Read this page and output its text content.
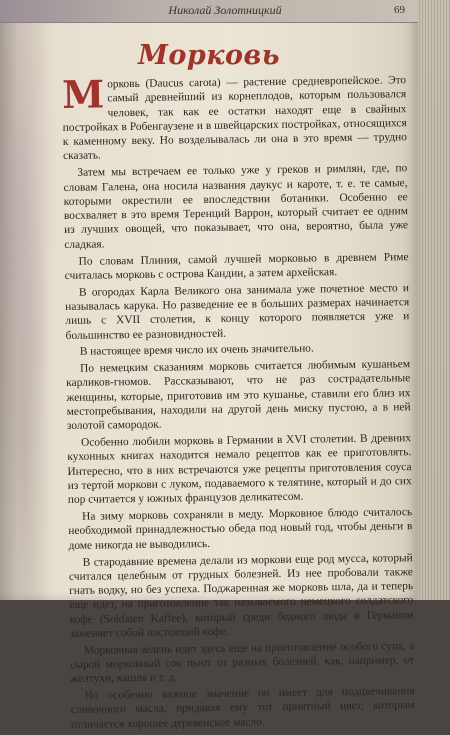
Николай Золотницкий	69
Морковь

Морковь (Daucus carota) — растение средневропейское. Это самый древнейший из корнеплодов, которым пользовался человек, так как ее остатки находят еще в свайных постройках в Робенгаузене и в швейцарских постройках, относящихся к каменному веку. Но возделывалась ли она в это время — трудно сказать.

Затем мы встречаем ее только уже у греков и римлян, где, по словам Галена, она носила названия даукус и кароте, т. е. те самые, которыми окрестили ее впоследствии ботаники. Особенно ее восхваляет в это время Теренций Варрон, который считает ее одним из лучших овощей, что показывает, что она, вероятно, была уже сладкая.

По словам Плиния, самой лучшей морковью в древнем Риме считалась морковь с острова Кандии, а затем архейская.

В огородах Карла Великого она занимала уже почетное место и называлась карука. Но разведение ее в больших размерах начинается лишь с XVII столетия, к концу которого появляется уже и большинство ее разновидностей.

В настоящее время число их очень значительно.

По немецким сказаниям морковь считается любимым кушаньем карликов-гномов. Рассказывают, что не раз сострадательные женщины, которые, приготовив им это кушанье, ставили его близ их местопребывания, находили на другой день миску пустою, а в ней золотой самородок.

Особенно любили морковь в Германии в XVI столетии. В древних кухонных книгах находится немало рецептов как ее приготовлять. Интересно, что в них встречаются уже рецепты приготовления соуса из тертой моркови с луком, подаваемого к телятине, который и до сих пор считается у южных французов деликатесом.

На зиму морковь сохраняли в меду. Морковное блюдо считалось необходимой принадлежностью обеда под новый год, чтобы деньги в доме никогда не выводились.

В стародавние времена делали из моркови еще род мусса, который считался целебным от грудных болезней. Из нее пробовали также гнать водку, но без успеха. Поджаренная же морковь шла, да и теперь еще идет, на приготовление так называемого немецкого солдатского кофе (Soldaten Kaffee), который среди бедного люда в Германии заменяет собой настоящий кофе.

Морковная зелень идет здесь еще на приготовление особого супа, а сырой морковный сок пьют от разных болезней, как, например, от желтухи, кашля и т. д.

Но особенно важное значение он имеет для подцвечивания сливочного масла, придавая ему тот приятный цвет, которым отличается хорошее деревенское масло.
